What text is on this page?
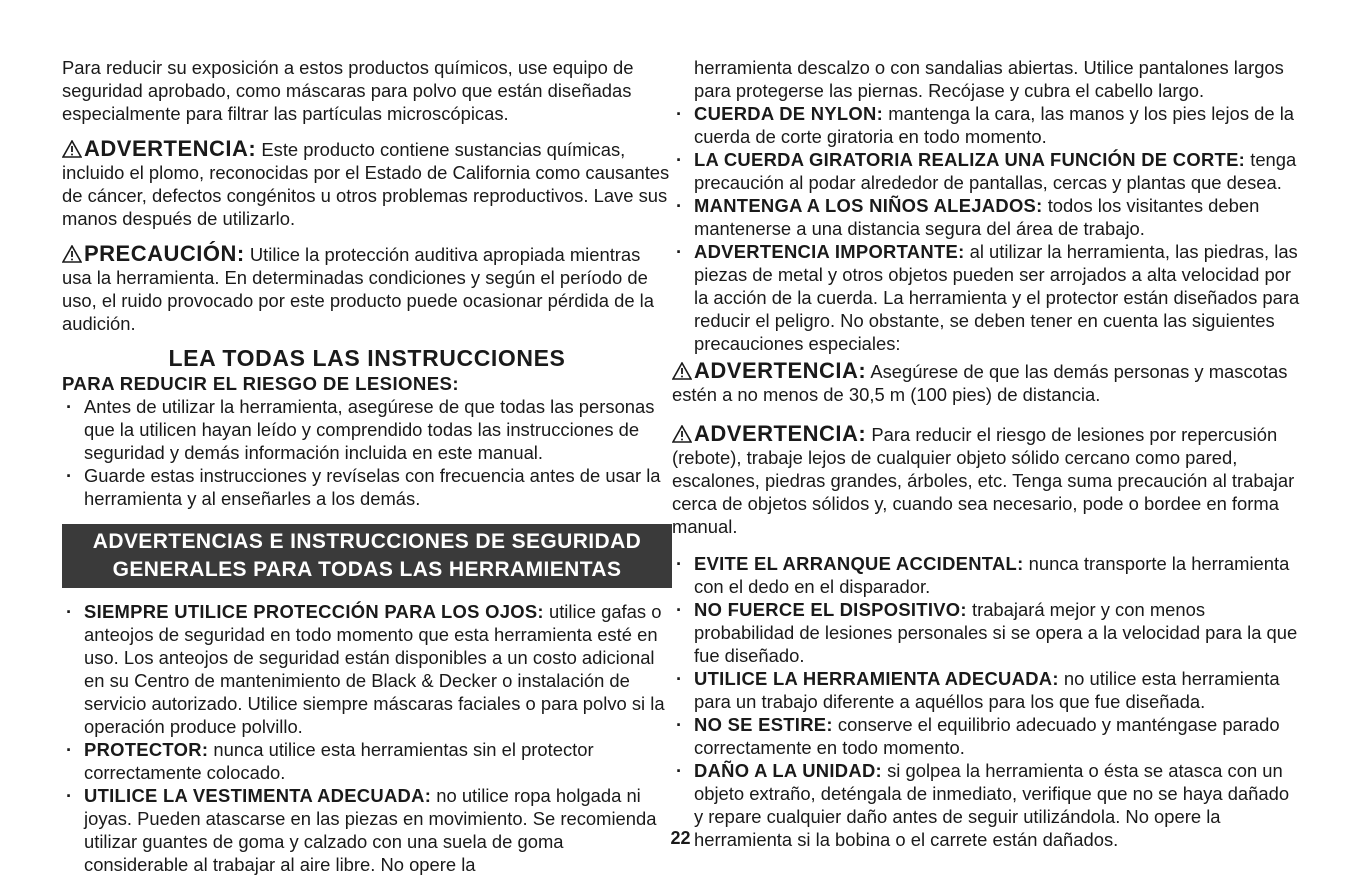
Para reducir su exposición a estos productos químicos, use equipo de seguridad aprobado, como máscaras para polvo que están diseñadas especialmente para filtrar las partículas microscópicas.

ADVERTENCIA: Este producto contiene sustancias químicas, incluido el plomo, reconocidas por el Estado de California como causantes de cáncer, defectos congénitos u otros problemas reproductivos. Lave sus manos después de utilizarlo.

PRECAUCIÓN: Utilice la protección auditiva apropiada mientras usa la herramienta. En determinadas condiciones y según el período de uso, el ruido provocado por este producto puede ocasionar pérdida de la audición.

LEA TODAS LAS INSTRUCCIONES
PARA REDUCIR EL RIESGO DE LESIONES:
· Antes de utilizar la herramienta, asegúrese de que todas las personas que la utilicen hayan leído y comprendido todas las instrucciones de seguridad y demás información incluida en este manual.
· Guarde estas instrucciones y revíselas con frecuencia antes de usar la herramienta y al enseñarles a los demás.
ADVERTENCIAS E INSTRUCCIONES DE SEGURIDAD
GENERALES PARA TODAS LAS HERRAMIENTAS
· SIEMPRE UTILICE PROTECCIÓN PARA LOS OJOS: utilice gafas o anteojos de seguridad en todo momento que esta herramienta esté en uso. Los anteojos de seguridad están disponibles a un costo adicional en su Centro de mantenimiento de Black & Decker o instalación de servicio autorizado. Utilice siempre máscaras faciales o para polvo si la operación produce polvillo.
· PROTECTOR: nunca utilice esta herramientas sin el protector correctamente colocado.
· UTILICE LA VESTIMENTA ADECUADA: no utilice ropa holgada ni joyas. Pueden atascarse en las piezas en movimiento. Se recomienda utilizar guantes de goma y calzado con una suela de goma considerable al trabajar al aire libre. No opere la

herramienta descalzo o con sandalias abiertas. Utilice pantalones largos para protegerse las piernas. Recójase y cubra el cabello largo.

· CUERDA DE NYLON: mantenga la cara, las manos y los pies lejos de la cuerda de corte giratoria en todo momento.
· LA CUERDA GIRATORIA REALIZA UNA FUNCIÓN DE CORTE: tenga precaución al podar alrededor de pantallas, cercas y plantas que desea.
· MANTENGA A LOS NIÑOS ALEJADOS: todos los visitantes deben mantenerse a una distancia segura del área de trabajo.
· ADVERTENCIA IMPORTANTE: al utilizar la herramienta, las piedras, las piezas de metal y otros objetos pueden ser arrojados a alta velocidad por la acción de la cuerda. La herramienta y el protector están diseñados para reducir el peligro. No obstante, se deben tener en cuenta las siguientes precauciones especiales:

ADVERTENCIA: Asegúrese de que las demás personas y mascotas estén a no menos de 30,5 m (100 pies) de distancia.

ADVERTENCIA: Para reducir el riesgo de lesiones por repercusión (rebote), trabaje lejos de cualquier objeto sólido cercano como pared, escalones, piedras grandes, árboles, etc. Tenga suma precaución al trabajar cerca de objetos sólidos y, cuando sea necesario, pode o bordee en forma manual.

· EVITE EL ARRANQUE ACCIDENTAL: nunca transporte la herramienta con el dedo en el disparador.
· NO FUERCE EL DISPOSITIVO: trabajará mejor y con menos probabilidad de lesiones personales si se opera a la velocidad para la que fue diseñado.
· UTILICE LA HERRAMIENTA ADECUADA: no utilice esta herramienta para un trabajo diferente a aquéllos para los que fue diseñada.
· NO SE ESTIRE: conserve el equilibrio adecuado y manténgase parado correctamente en todo momento.
· DAÑO A LA UNIDAD: si golpea la herramienta o ésta se atasca con un objeto extraño, deténgala de inmediato, verifique que no se haya dañado y repare cualquier daño antes de seguir utilizándola. No opere la herramienta si la bobina o el carrete están dañados.
22
